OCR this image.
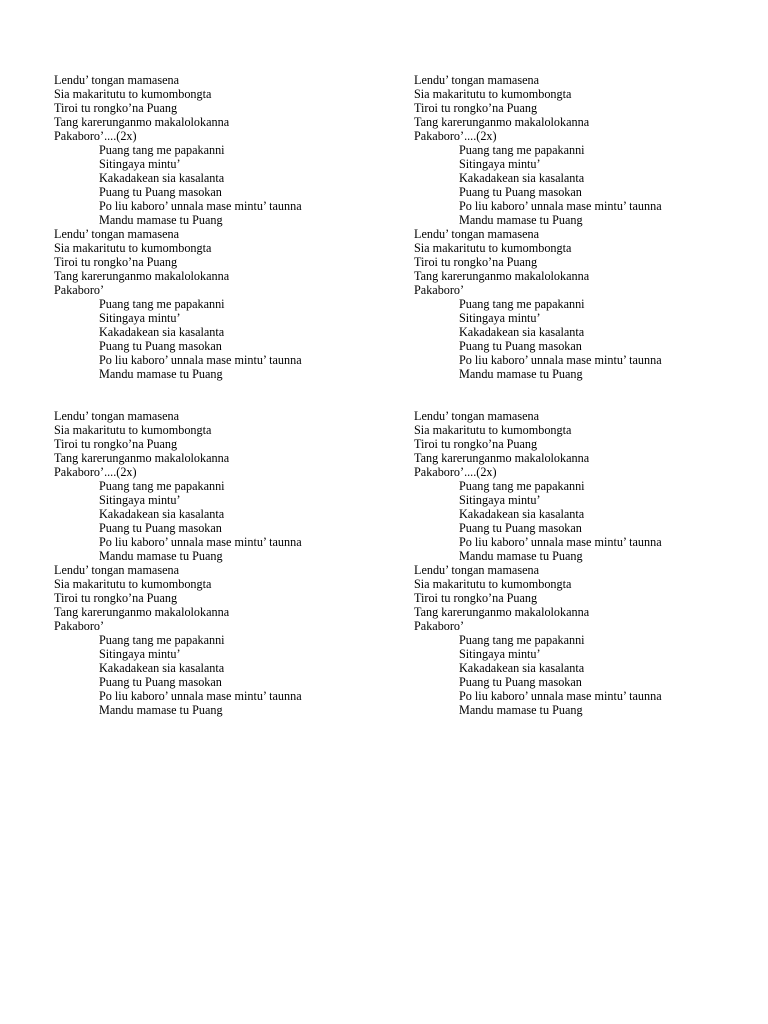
Lendu’ tongan mamasena
Sia makaritutu to kumombongta
Tiroi tu rongko’na Puang
Tang karerunganmo makalolokanna
Pakaboro’....(2x)
Puang tang me papakanni
Sitingaya mintu’
Kakadakean sia kasalanta
Puang tu Puang masokan
Po liu kaboro’ unnala mase mintu’ taunna
Mandu mamase tu Puang
Lendu’ tongan mamasena
Sia makaritutu to kumombongta
Tiroi tu rongko’na Puang
Tang karerunganmo makalolokanna
Pakaboro’
Puang tang me papakanni
Sitingaya mintu’
Kakadakean sia kasalanta
Puang tu Puang masokan
Po liu kaboro’ unnala mase mintu’ taunna
Mandu mamase tu Puang
Lendu’ tongan mamasena
Sia makaritutu to kumombongta
Tiroi tu rongko’na Puang
Tang karerunganmo makalolokanna
Pakaboro’....(2x)
Puang tang me papakanni
Sitingaya mintu’
Kakadakean sia kasalanta
Puang tu Puang masokan
Po liu kaboro’ unnala mase mintu’ taunna
Mandu mamase tu Puang
Lendu’ tongan mamasena
Sia makaritutu to kumombongta
Tiroi tu rongko’na Puang
Tang karerunganmo makalolokanna
Pakaboro’
Puang tang me papakanni
Sitingaya mintu’
Kakadakean sia kasalanta
Puang tu Puang masokan
Po liu kaboro’ unnala mase mintu’ taunna
Mandu mamase tu Puang
Lendu’ tongan mamasena
Sia makaritutu to kumombongta
Tiroi tu rongko’na Puang
Tang karerunganmo makalolokanna
Pakaboro’....(2x)
Puang tang me papakanni
Sitingaya mintu’
Kakadakean sia kasalanta
Puang tu Puang masokan
Po liu kaboro’ unnala mase mintu’ taunna
Mandu mamase tu Puang
Lendu’ tongan mamasena
Sia makaritutu to kumombongta
Tiroi tu rongko’na Puang
Tang karerunganmo makalolokanna
Pakaboro’
Puang tang me papakanni
Sitingaya mintu’
Kakadakean sia kasalanta
Puang tu Puang masokan
Po liu kaboro’ unnala mase mintu’ taunna
Mandu mamase tu Puang
Lendu’ tongan mamasena
Sia makaritutu to kumombongta
Tiroi tu rongko’na Puang
Tang karerunganmo makalolokanna
Pakaboro’....(2x)
Puang tang me papakanni
Sitingaya mintu’
Kakadakean sia kasalanta
Puang tu Puang masokan
Po liu kaboro’ unnala mase mintu’ taunna
Mandu mamase tu Puang
Lendu’ tongan mamasena
Sia makaritutu to kumombongta
Tiroi tu rongko’na Puang
Tang karerunganmo makalolokanna
Pakaboro’
Puang tang me papakanni
Sitingaya mintu’
Kakadakean sia kasalanta
Puang tu Puang masokan
Po liu kaboro’ unnala mase mintu’ taunna
Mandu mamase tu Puang
